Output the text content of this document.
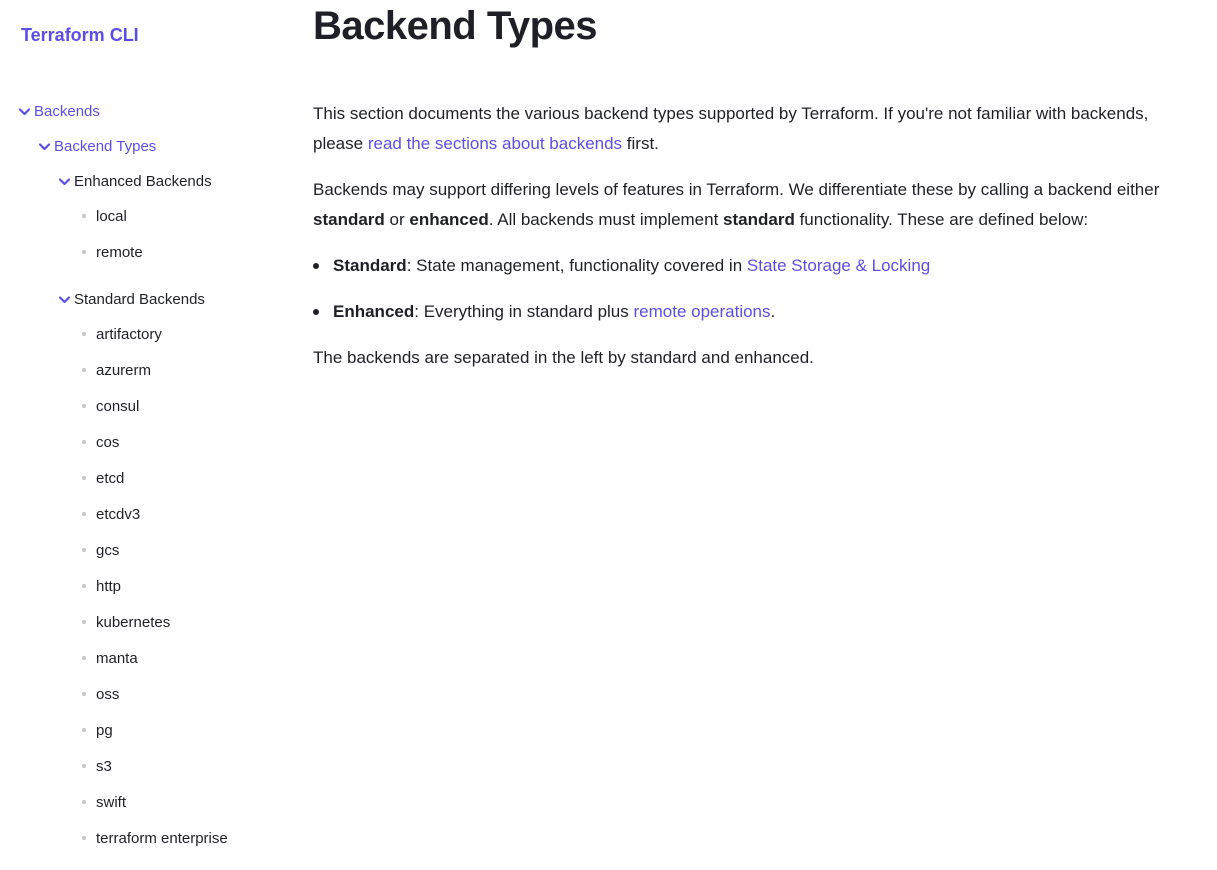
Terraform CLI
Backends
Backend Types
Enhanced Backends
local
remote
Standard Backends
artifactory
azurerm
consul
cos
etcd
etcdv3
gcs
http
kubernetes
manta
oss
pg
s3
swift
terraform enterprise
Backend Types

This section documents the various backend types supported by Terraform. If you're not familiar with backends, please read the sections about backends first.

Backends may support differing levels of features in Terraform. We differentiate these by calling a backend either standard or enhanced. All backends must implement standard functionality. These are defined below:

Standard: State management, functionality covered in State Storage & Locking
Enhanced: Everything in standard plus remote operations.

The backends are separated in the left by standard and enhanced.
